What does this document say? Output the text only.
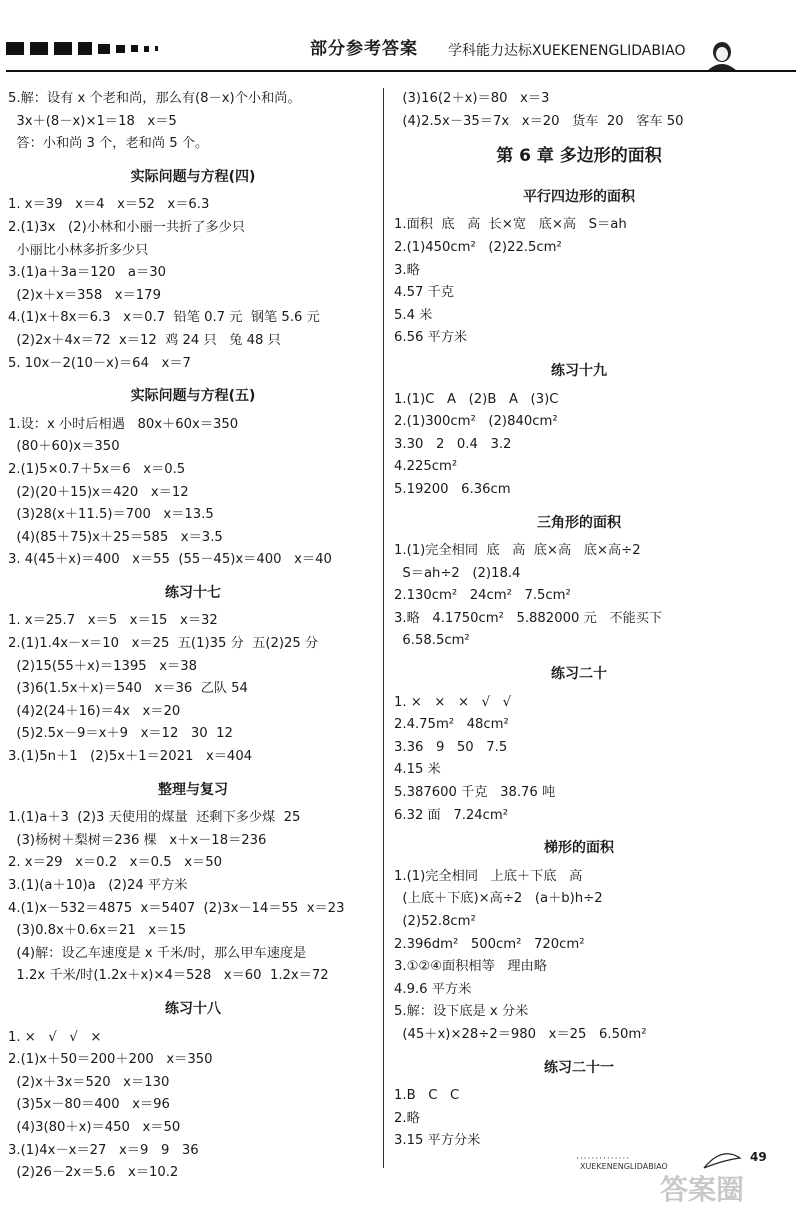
部分参考答案 学科能力达标XUEKENENGLIDABIAO
5.解：设有 x 个老和尚，那么有(8－x)个小和尚。
3x＋(8－x)×1＝18   x＝5
答：小和尚 3 个，老和尚 5 个。
实际问题与方程(四)
1. x＝39   x＝4   x＝52   x＝6.3
2.(1)3x   (2)小林和小丽一共折了多少只
小丽比小林多折多少只
3.(1)a＋3a＝120   a＝30
(2)x＋x＝358   x＝179
4.(1)x＋8x＝6.3   x＝0.7  铅笔 0.7 元  钢笔 5.6 元
(2)2x＋4x＝72  x＝12  鸡 24 只   兔 48 只
5. 10x－2(10－x)＝64   x＝7
实际问题与方程(五)
1.设：x 小时后相遇   80x＋60x＝350
(80＋60)x＝350
2.(1)5×0.7＋5x＝6   x＝0.5
(2)(20＋15)x＝420   x＝12
(3)28(x＋11.5)＝700   x＝13.5
(4)(85＋75)x＋25＝585   x＝3.5
3. 4(45＋x)＝400   x＝55  (55－45)x＝400   x＝40
练习十七
1. x＝25.7   x＝5   x＝15   x＝32
2.(1)1.4x－x＝10   x＝25  五(1)35 分  五(2)25 分
(2)15(55＋x)＝1395   x＝38
(3)6(1.5x＋x)＝540   x＝36  乙队 54
(4)2(24＋16)＝4x   x＝20
(5)2.5x－9＝x＋9   x＝12   30  12
3.(1)5n＋1   (2)5x＋1＝2021   x＝404
整理与复习
1.(1)a＋3  (2)3 天使用的煤量  还剩下多少煤  25
(3)杨树＋梨树＝236 棵   x＋x－18＝236
2. x＝29   x＝0.2   x＝0.5   x＝50
3.(1)(a＋10)a   (2)24 平方米
4.(1)x－532＝4875  x＝5407  (2)3x－14＝55  x＝23
(3)0.8x＋0.6x＝21   x＝15
(4)解：设乙车速度是 x 千米/时，那么甲车速度是
1.2x 千米/时(1.2x＋x)×4＝528   x＝60  1.2x＝72
练习十八
1. ×   √   √   ×
2.(1)x＋50＝200＋200   x＝350
(2)x＋3x＝520   x＝130
(3)5x－80＝400   x＝96
(4)3(80＋x)＝450   x＝50
3.(1)4x－x＝27   x＝9   9   36
(2)26－2x＝5.6   x＝10.2
(3)16(2＋x)＝80   x＝3
(4)2.5x－35＝7x   x＝20   货车  20   客车 50
第 6 章 多边形的面积
平行四边形的面积
1.面积  底   高  长×宽   底×高   S＝ah
2.(1)450cm²   (2)22.5cm²
3.略
4.57 千克
5.4 米
6.56 平方米
练习十九
1.(1)C   A   (2)B   A   (3)C
2.(1)300cm²   (2)840cm²
3.30   2   0.4   3.2
4.225cm²
5.19200   6.36cm
三角形的面积
1.(1)完全相同  底   高  底×高   底×高÷2
S＝ah÷2   (2)18.4
2.130cm²   24cm²   7.5cm²
3.略   4.1750cm²   5.882000 元   不能买下
6.58.5cm²
练习二十
1. ×   ×   ×   √   √
2.4.75m²   48cm²
3.36   9   50   7.5
4.15 米
5.387600 千克   38.76 吨
6.32 面   7.24cm²
梯形的面积
1.(1)完全相同   上底＋下底   高
(上底＋下底)×高÷2   (a＋b)h÷2
(2)52.8cm²
2.396dm²   500cm²   720cm²
3.①②④面积相等   理由略
4.9.6 平方米
5.解：设下底是 x 分米
(45＋x)×28÷2＝980   x＝25   6.50m²
练习二十一
1.B   C   C
2.略
3.15 平方分米
··············
XUEKENENGLIDABIAO
49
答案圈
